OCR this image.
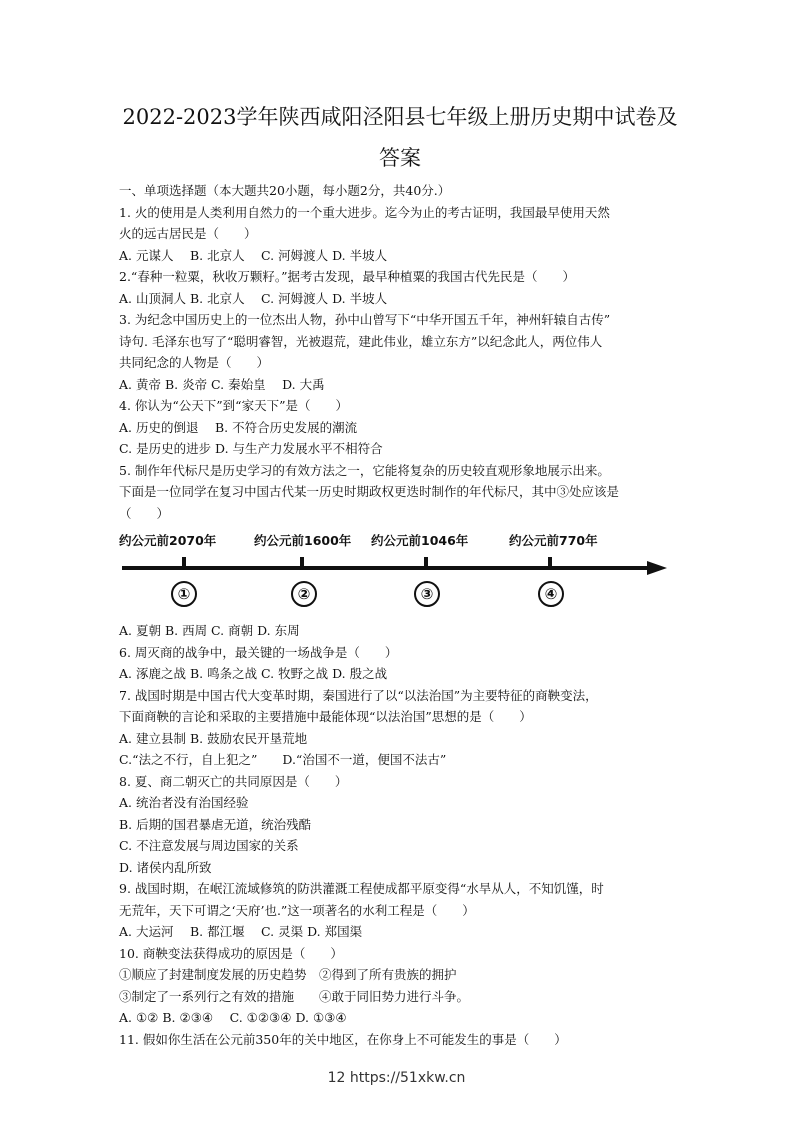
2022-2023学年陕西咸阳泾阳县七年级上册历史期中试卷及
答案
一、单项选择题（本大题共20小题，每小题2分，共40分.）
1. 火的使用是人类利用自然力的一个重大进步。迄今为止的考古证明，我国最早使用天然
火的远古居民是（　　）
A. 元谋人　 B. 北京人　 C. 河姆渡人 D. 半坡人
2.“春种一粒粟，秋收万颗籽。”据考古发现，最早种植粟的我国古代先民是（　　）
A. 山顶洞人 B. 北京人　 C. 河姆渡人 D. 半坡人
3. 为纪念中国历史上的一位杰出人物，孙中山曾写下“中华开国五千年，神州轩辕自古传”
诗句. 毛泽东也写了“聪明睿智，光被遐荒，建此伟业，雄立东方”以纪念此人，两位伟人
共同纪念的人物是（　　）
A. 黄帝 B. 炎帝 C. 秦始皇　 D. 大禹
4. 你认为“公天下”到“家天下”是（　　）
A. 历史的倒退　 B. 不符合历史发展的潮流
C. 是历史的进步 D. 与生产力发展水平不相符合
5. 制作年代标尺是历史学习的有效方法之一，它能将复杂的历史较直观形象地展示出来。
下面是一位同学在复习中国古代某一历史时期政权更迭时制作的年代标尺，其中③处应该是
（　　）
约公元前2070年	约公元前1600年 约公元前1046年	约公元前770年
①	②	③	④
A. 夏朝 B. 西周 C. 商朝 D. 东周
6. 周灭商的战争中，最关键的一场战争是（　　）
A. 涿鹿之战 B. 鸣条之战 C. 牧野之战 D. 殷之战
7. 战国时期是中国古代大变革时期，秦国进行了以“以法治国”为主要特征的商鞅变法，
下面商鞅的言论和采取的主要措施中最能体现“以法治国”思想的是（　　）
A. 建立县制 B. 鼓励农民开垦荒地
C.“法之不行，自上犯之”　　D.“治国不一道，便国不法古”
8. 夏、商二朝灭亡的共同原因是（　　）
A. 统治者没有治国经验
B. 后期的国君暴虐无道，统治残酷
C. 不注意发展与周边国家的关系
D. 诸侯内乱所致
9. 战国时期，在岷江流域修筑的防洪灌溉工程使成都平原变得“水旱从人，不知饥馑，时
无荒年，天下可谓之‘天府’也.”这一项著名的水利工程是（　　）
A. 大运河　 B. 都江堰　 C. 灵渠 D. 郑国渠
10. 商鞅变法获得成功的原因是（　　）
①顺应了封建制度发展的历史趋势　②得到了所有贵族的拥护
③制定了一系列行之有效的措施　　④敢于同旧势力进行斗争。
A. ①② B. ②③④　 C. ①②③④ D. ①③④
11. 假如你生活在公元前350年的关中地区，在你身上不可能发生的事是（　　）
12 https://51xkw.cn
